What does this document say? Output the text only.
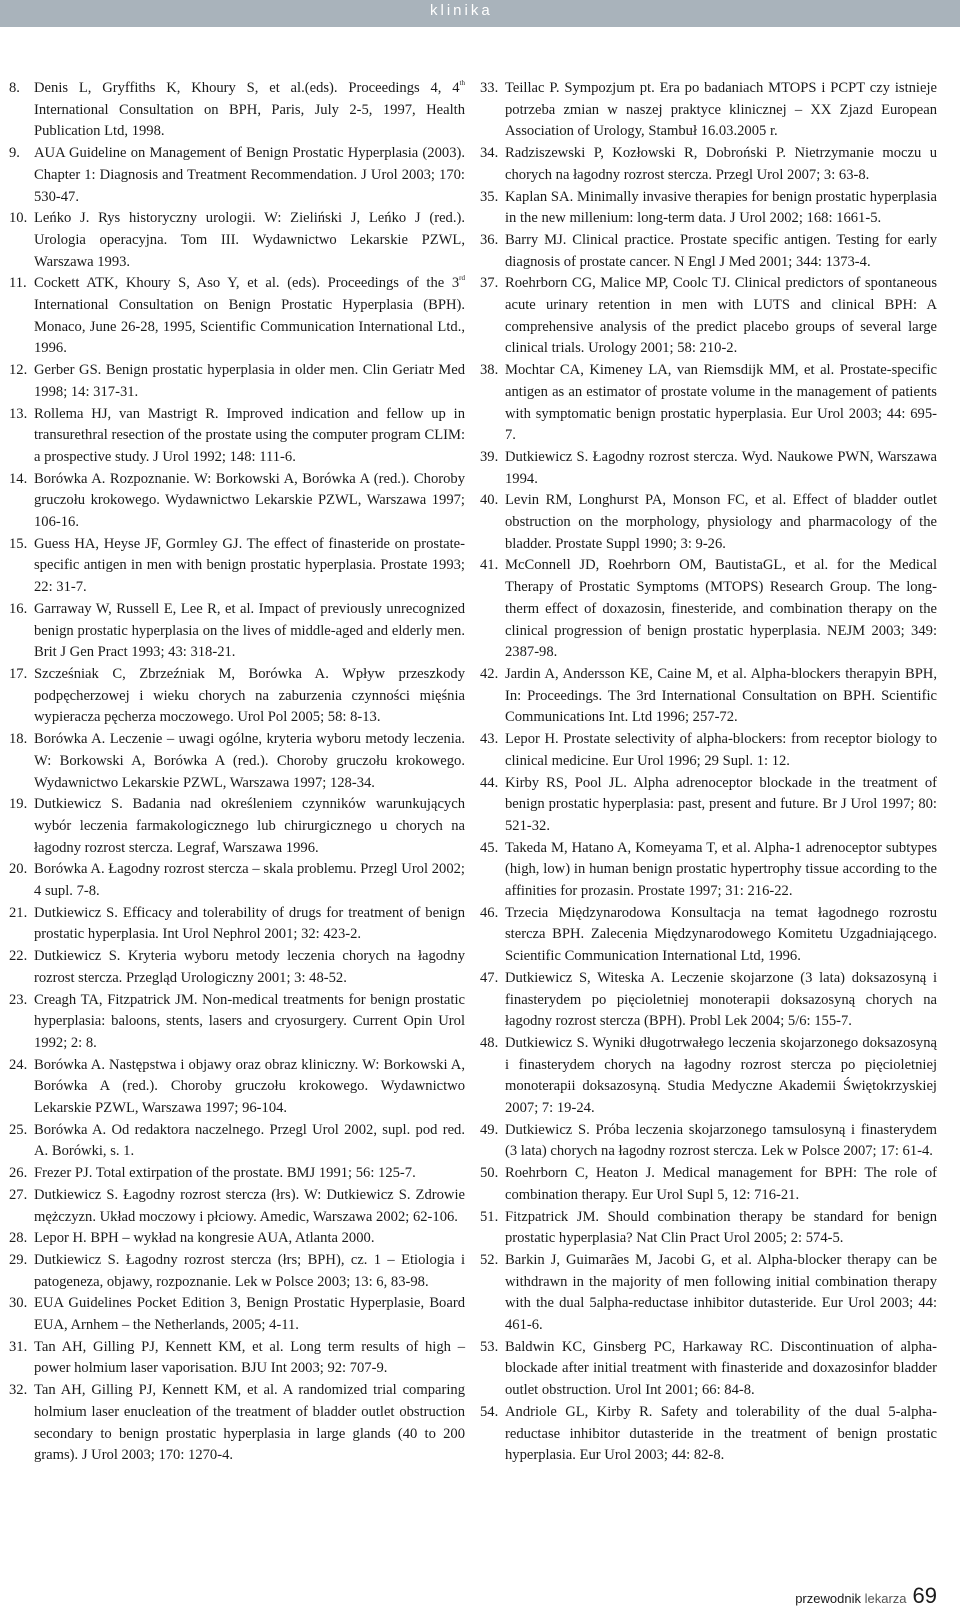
klinika
8. Denis L, Gryffiths K, Khoury S, et al.(eds). Proceedings 4, 4th International Consultation on BPH, Paris, July 2-5, 1997, Health Publication Ltd, 1998.
9. AUA Guideline on Management of Benign Prostatic Hyperplasia (2003). Chapter 1: Diagnosis and Treatment Recommendation. J Urol 2003; 170: 530-47.
10. Leńko J. Rys historyczny urologii. W: Zieliński J, Leńko J (red.). Urologia operacyjna. Tom III. Wydawnictwo Lekarskie PZWL, Warszawa 1993.
11. Cockett ATK, Khoury S, Aso Y, et al. (eds). Proceedings of the 3rd International Consultation on Benign Prostatic Hyperplasia (BPH). Monaco, June 26-28, 1995, Scientific Communication International Ltd., 1996.
12. Gerber GS. Benign prostatic hyperplasia in older men. Clin Geriatr Med 1998; 14: 317-31.
13. Rollema HJ, van Mastrigt R. Improved indication and fellow up in transurethral resection of the prostate using the computer program CLIM: a prospective study. J Urol 1992; 148: 111-6.
14. Borówka A. Rozpoznanie. W: Borkowski A, Borówka A (red.). Choroby gruczołu krokowego. Wydawnictwo Lekarskie PZWL, Warszawa 1997; 106-16.
15. Guess HA, Heyse JF, Gormley GJ. The effect of finasteride on prostate-specific antigen in men with benign prostatic hyperplasia. Prostate 1993; 22: 31-7.
16. Garraway W, Russell E, Lee R, et al. Impact of previously unrecognized benign prostatic hyperplasia on the lives of middle-aged and elderly men. Brit J Gen Pract 1993; 43: 318-21.
17. Szcześniak C, Zbrzeźniak M, Borówka A. Wpływ przeszkody podpęcherzowej i wieku chorych na zaburzenia czynności mięśnia wypieracza pęcherza moczowego. Urol Pol 2005; 58: 8-13.
18. Borówka A. Leczenie – uwagi ogólne, kryteria wyboru metody leczenia. W: Borkowski A, Borówka A (red.). Choroby gruczołu krokowego. Wydawnictwo Lekarskie PZWL, Warszawa 1997; 128-34.
19. Dutkiewicz S. Badania nad określeniem czynników warunkujących wybór leczenia farmakologicznego lub chirurgicznego u chorych na łagodny rozrost stercza. Legraf, Warszawa 1996.
20. Borówka A. Łagodny rozrost stercza – skala problemu. Przegl Urol 2002; 4 supl. 7-8.
21. Dutkiewicz S. Efficacy and tolerability of drugs for treatment of benign prostatic hyperplasia. Int Urol Nephrol 2001; 32: 423-2.
22. Dutkiewicz S. Kryteria wyboru metody leczenia chorych na łagodny rozrost stercza. Przegląd Urologiczny 2001; 3: 48-52.
23. Creagh TA, Fitzpatrick JM. Non-medical treatments for benign prostatic hyperplasia: baloons, stents, lasers and cryosurgery. Current Opin Urol 1992; 2: 8.
24. Borówka A. Następstwa i objawy oraz obraz kliniczny. W: Borkowski A, Borówka A (red.). Choroby gruczołu krokowego. Wydawnictwo Lekarskie PZWL, Warszawa 1997; 96-104.
25. Borówka A. Od redaktora naczelnego. Przegl Urol 2002, supl. pod red. A. Borówki, s. 1.
26. Frezer PJ. Total extirpation of the prostate. BMJ 1991; 56: 125-7.
27. Dutkiewicz S. Łagodny rozrost stercza (łrs). W: Dutkiewicz S. Zdrowie mężczyzn. Układ moczowy i płciowy. Amedic, Warszawa 2002; 62-106.
28. Lepor H. BPH – wykład na kongresie AUA, Atlanta 2000.
29. Dutkiewicz S. Łagodny rozrost stercza (łrs; BPH), cz. 1 – Etiologia i patogeneza, objawy, rozpoznanie. Lek w Polsce 2003; 13: 6, 83-98.
30. EUA Guidelines Pocket Edition 3, Benign Prostatic Hyperplasie, Board EUA, Arnhem – the Netherlands, 2005; 4-11.
31. Tan AH, Gilling PJ, Kennett KM, et al. Long term results of high – power holmium laser vaporisation. BJU Int 2003; 92: 707-9.
32. Tan AH, Gilling PJ, Kennett KM, et al. A randomized trial comparing holmium laser enucleation of the treatment of bladder outlet obstruction secondary to benign prostatic hyperplasia in large glands (40 to 200 grams). J Urol 2003; 170: 1270-4.
33. Teillac P. Sympozjum pt. Era po badaniach MTOPS i PCPT czy istnieje potrzeba zmian w naszej praktyce klinicznej – XX Zjazd European Association of Urology, Stambuł 16.03.2005 r.
34. Radziszewski P, Kozłowski R, Dobroński P. Nietrzymanie moczu u chorych na łagodny rozrost stercza. Przegl Urol 2007; 3: 63-8.
35. Kaplan SA. Minimally invasive therapies for benign prostatic hyperplasia in the new millenium: long-term data. J Urol 2002; 168: 1661-5.
36. Barry MJ. Clinical practice. Prostate specific antigen. Testing for early diagnosis of prostate cancer. N Engl J Med 2001; 344: 1373-4.
37. Roehrborn CG, Malice MP, Coolc TJ. Clinical predictors of spontaneous acute urinary retention in men with LUTS and clinical BPH: A comprehensive analysis of the predict placebo groups of several large clinical trials. Urology 2001; 58: 210-2.
38. Mochtar CA, Kimeney LA, van Riemsdijk MM, et al. Prostate-specific antigen as an estimator of prostate volume in the management of patients with symptomatic benign prostatic hyperplasia. Eur Urol 2003; 44: 695-7.
39. Dutkiewicz S. Łagodny rozrost stercza. Wyd. Naukowe PWN, Warszawa 1994.
40. Levin RM, Longhurst PA, Monson FC, et al. Effect of bladder outlet obstruction on the morphology, physiology and pharmacology of the bladder. Prostate Suppl 1990; 3: 9-26.
41. McConnell JD, Roehrborn OM, BautistaGL, et al. for the Medical Therapy of Prostatic Symptoms (MTOPS) Research Group. The long-therm effect of doxazosin, finesteride, and combination therapy on the clinical progression of benign prostatic hyperplasia. NEJM 2003; 349: 2387-98.
42. Jardin A, Andersson KE, Caine M, et al. Alpha-blockers therapyin BPH, In: Proceedings. The 3rd International Consultation on BPH. Scientific Communications Int. Ltd 1996; 257-72.
43. Lepor H. Prostate selectivity of alpha-blockers: from receptor biology to clinical medicine. Eur Urol 1996; 29 Supl. 1: 12.
44. Kirby RS, Pool JL. Alpha adrenoceptor blockade in the treatment of benign prostatic hyperplasia: past, present and future. Br J Urol 1997; 80: 521-32.
45. Takeda M, Hatano A, Komeyama T, et al. Alpha-1 adrenoceptor subtypes (high, low) in human benign prostatic hypertrophy tissue according to the affinities for prozasin. Prostate 1997; 31: 216-22.
46. Trzecia Międzynarodowa Konsultacja na temat łagodnego rozrostu stercza BPH. Zalecenia Międzynarodowego Komitetu Uzgadniającego. Scientific Communication International Ltd, 1996.
47. Dutkiewicz S, Witeska A. Leczenie skojarzone (3 lata) doksazosyną i finasterydem po pięcioletniej monoterapii doksazosyną chorych na łagodny rozrost stercza (BPH). Probl Lek 2004; 5/6: 155-7.
48. Dutkiewicz S. Wyniki długotrwałego leczenia skojarzonego doksazosyną i finasterydem chorych na łagodny rozrost stercza po pięcioletniej monoterapii doksazosyną. Studia Medyczne Akademii Świętokrzyskiej 2007; 7: 19-24.
49. Dutkiewicz S. Próba leczenia skojarzonego tamsulosyną i finasterydem (3 lata) chorych na łagodny rozrost stercza. Lek w Polsce 2007; 17: 61-4.
50. Roehrborn C, Heaton J. Medical management for BPH: The role of combination therapy. Eur Urol Supl 5, 12: 716-21.
51. Fitzpatrick JM. Should combination therapy be standard for benign prostatic hyperplasia? Nat Clin Pract Urol 2005; 2: 574-5.
52. Barkin J, Guimarães M, Jacobi G, et al. Alpha-blocker therapy can be withdrawn in the majority of men following initial combination therapy with the dual 5alpha-reductase inhibitor dutasteride. Eur Urol 2003; 44: 461-6.
53. Baldwin KC, Ginsberg PC, Harkaway RC. Discontinuation of alpha-blockade after initial treatment with finasteride and doxazosinfor bladder outlet obstruction. Urol Int 2001; 66: 84-8.
54. Andriole GL, Kirby R. Safety and tolerability of the dual 5-alpha-reductase inhibitor dutasteride in the treatment of benign prostatic hyperplasia. Eur Urol 2003; 44: 82-8.
przewodnik lekarza 69
